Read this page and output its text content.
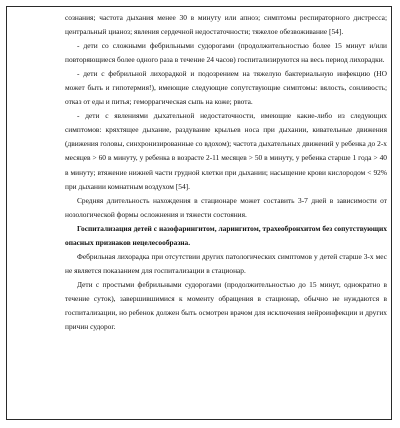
сознания; частота дыхания менее 30 в минуту или апноэ; симптомы респираторного дистресса; центральный цианоз; явления сердечной недостаточности; тяжелое обезвоживание [54].

- дети со сложными фебрильными судорогами (продолжительностью более 15 минут и/или повторяющиеся более одного раза в течение 24 часов) госпитализируются на весь период лихорадки.

- дети с фебрильной лихорадкой и подозрением на тяжелую бактериальную инфекцию (НО может быть и гипотермия!), имеющие следующие сопутствующие симптомы: вялость, сонливость; отказ от еды и питья; геморрагическая сыпь на коже; рвота.

- дети с явлениями дыхательной недостаточности, имеющие какие-либо из следующих симптомов: кряхтящее дыхание, раздувание крыльев носа при дыхании, кивательные движения (движения головы, синхронизированные со вдохом); частота дыхательных движений у ребенка до 2-х месяцев > 60 в минуту, у ребенка в возрасте 2-11 месяцев > 50 в минуту, у ребенка старше 1 года > 40 в минуту; втяжение нижней части грудной клетки при дыхании; насыщение крови кислородом < 92% при дыхании комнатным воздухом [54].

Средняя длительность нахождения в стационаре может составить 3-7 дней в зависимости от нозологической формы осложнения и тяжести состояния.

Госпитализация детей с назофарингитом, ларингитом, трахеобронхитом без сопутствующих опасных признаков нецелесообразна.

Фебрильная лихорадка при отсутствии других патологических симптомов у детей старше 3-х мес не является показанием для госпитализации в стационар.

Дети с простыми фебрильными судорогами (продолжительностью до 15 минут, однократно в течение суток), завершившимися к моменту обращения в стационар, обычно не нуждаются в госпитализации, но ребенок должен быть осмотрен врачом для исключения нейроинфекции и других причин судорог.
